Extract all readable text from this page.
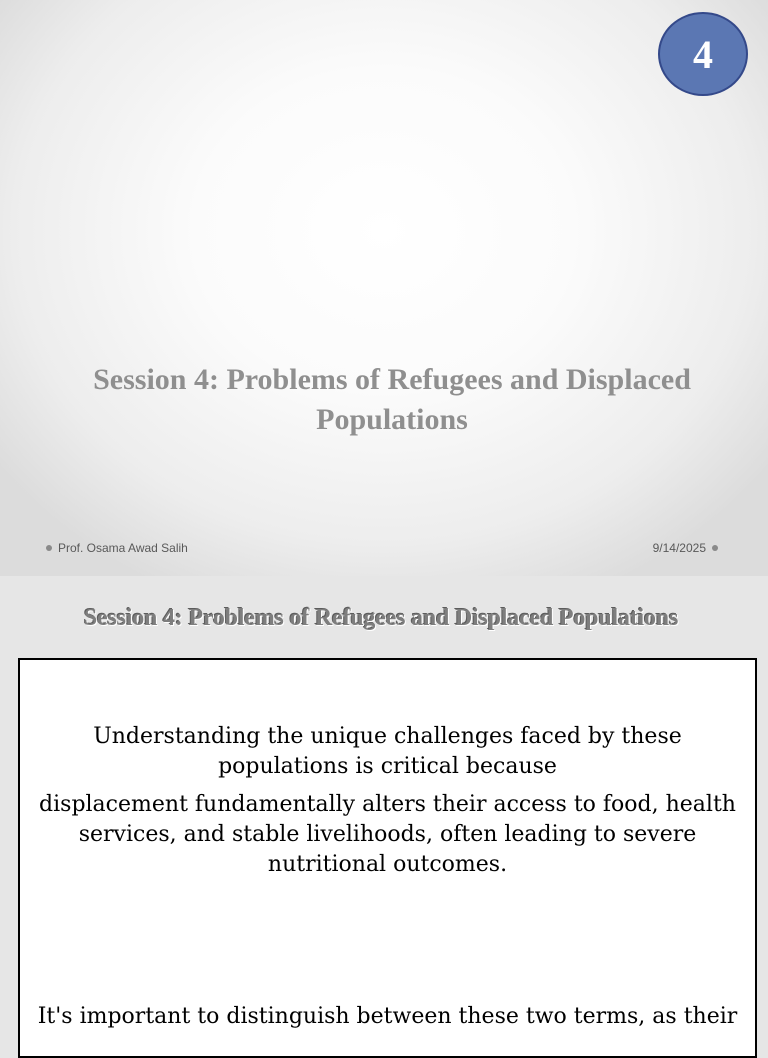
4
Session 4: Problems of Refugees and Displaced Populations
Prof. Osama Awad Salih	9/14/2025
Session 4: Problems of Refugees and Displaced Populations

Understanding the unique challenges faced by these populations is critical because

displacement fundamentally alters their access to food, health services, and stable livelihoods, often leading to severe nutritional outcomes.

It's important to distinguish between these two terms, as their
